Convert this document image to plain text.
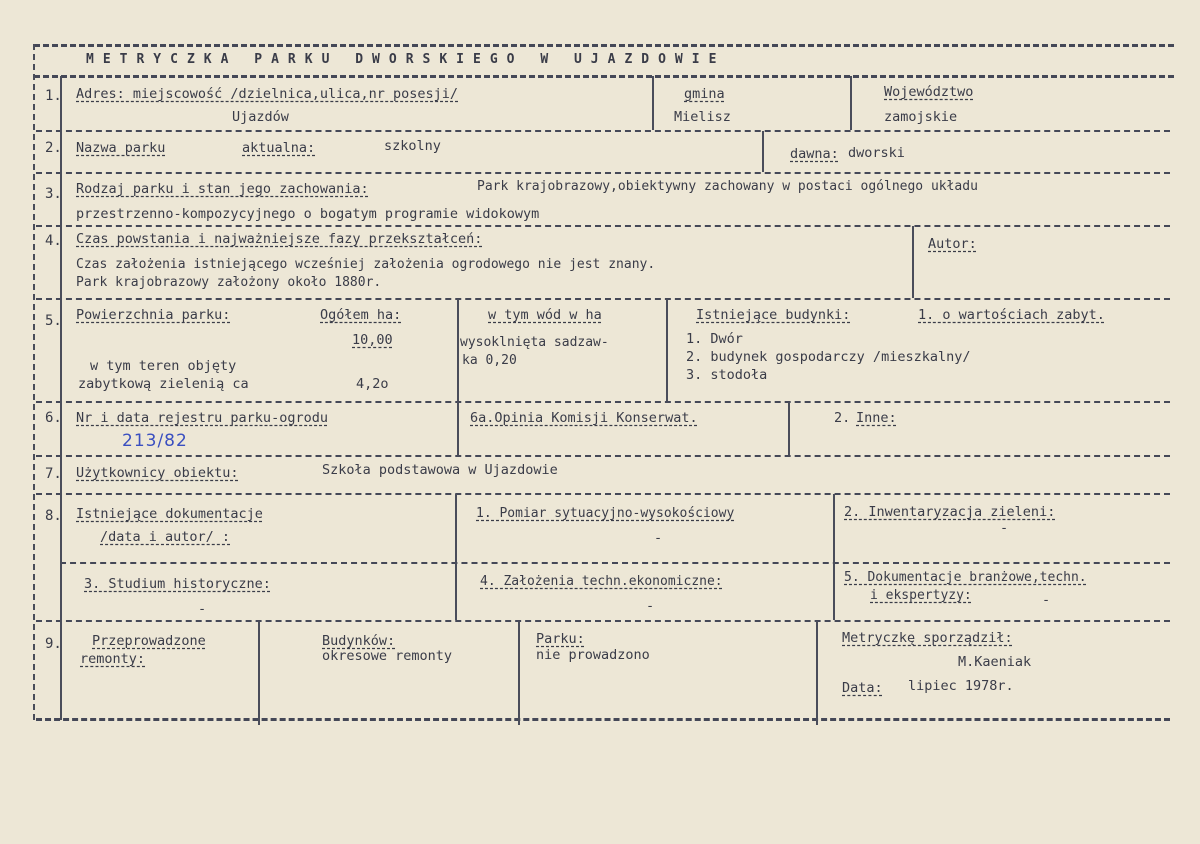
METRYCZKA PARKU DWORSKIEGO W UJAZDOWIE
1. Adres: miejscowość /dzielnica,ulica,nr posesji/
Ujazdów
gmina
Mielisz
Województwo
zamojskie
2. Nazwa parku	aktualna:	szkolny	dawna: dworski
3. Rodzaj parku i stan jego zachowania:	Park krajobrazowy,obiektywny zachowany w postaci ogólnego układu
przestrzenno-kompozycyjnego o bogatym programie widokowym
4. Czas powstania i najważniejsze fazy przekształceń:
Czas założenia istniejącego wcześniej założenia ogrodowego nie jest znany.
Park krajobrazowy założony około 1880r.
Autor:
5. Powierzchnia parku:	Ogółem ha:
10,00
w tym teren objęty
zabytkową zielenią ca	4,2o
w tym wód w ha
wysoklnięta sadzaw-
ka 0,20
Istniejące budynki:	1. o wartościach zabyt.
1. Dwór
2. budynek gospodarczy /mieszkalny/
3. stodoła
6. Nr i data rejestru parku-ogrodu
213/82
6a.Opinia Komisji Konserwat.	2. Inne:
7. Użytkownicy obiektu:	Szkoła podstawowa w Ujazdowie
8. Istniejące dokumentacje
/data i autor/ :
1. Pomiar sytuacyjno-wysokościowy
-
2. Inwentaryzacja zieleni:
-
3. Studium historyczne:
-
4. Założenia techn.ekonomiczne:
-
5. Dokumentacje branżowe,techn.
i ekspertyzy:	-
9. Przeprowadzone
remonty:
Budynków:
okresowe remonty
Parku:
nie prowadzono
Metryczkę sporządził:
M.Kaeniak
Data: lipiec 1978r.
